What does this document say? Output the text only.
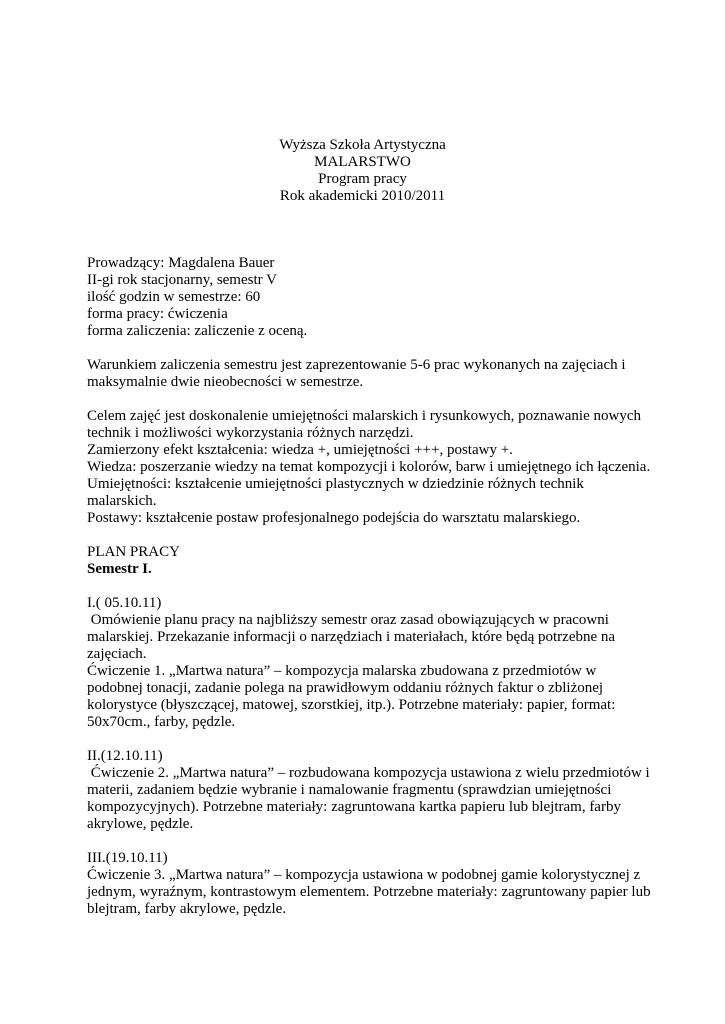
Wyższa Szkoła Artystyczna
MALARSTWO
Program pracy
Rok akademicki 2010/2011
Prowadzący: Magdalena Bauer
II-gi rok stacjonarny, semestr V
ilość godzin w semestrze: 60
forma pracy: ćwiczenia
forma zaliczenia: zaliczenie z oceną.
Warunkiem zaliczenia semestru jest zaprezentowanie 5-6 prac wykonanych na zajęciach i
maksymalnie dwie nieobecności w semestrze.
Celem zajęć jest doskonalenie umiejętności malarskich i rysunkowych, poznawanie nowych
technik i możliwości wykorzystania różnych narzędzi.
Zamierzony efekt kształcenia: wiedza +, umiejętności +++, postawy +.
Wiedza: poszerzanie wiedzy na temat kompozycji i kolorów, barw i umiejętnego ich łączenia.
Umiejętności: kształcenie umiejętności plastycznych w dziedzinie różnych technik
malarskich.
Postawy: kształcenie postaw profesjonalnego podejścia do warsztatu malarskiego.
PLAN PRACY
Semestr I.
I.( 05.10.11)
Omówienie planu pracy na najbliższy semestr oraz zasad obowiązujących w pracowni
malarskiej. Przekazanie informacji o narzędziach i materiałach, które będą potrzebne na
zajęciach.
Ćwiczenie 1. „Martwa natura” – kompozycja malarska zbudowana z przedmiotów w
podobnej tonacji, zadanie polega na prawidłowym oddaniu różnych faktur o zbliżonej
kolorystyce (błyszczącej, matowej, szorstkiej, itp.). Potrzebne materiały: papier, format:
50x70cm., farby, pędzle.
II.(12.10.11)
Ćwiczenie 2. „Martwa natura” – rozbudowana kompozycja ustawiona z wielu przedmiotów i
materii, zadaniem będzie wybranie i namalowanie fragmentu (sprawdzian umiejętności
kompozycyjnych). Potrzebne materiały: zagruntowana kartka papieru lub blejtram, farby
akrylowe, pędzle.
III.(19.10.11)
Ćwiczenie 3. „Martwa natura” – kompozycja ustawiona w podobnej gamie kolorystycznej z
jednym, wyraźnym, kontrastowym elementem. Potrzebne materiały: zagruntowany papier lub
blejtram, farby akrylowe, pędzle.
